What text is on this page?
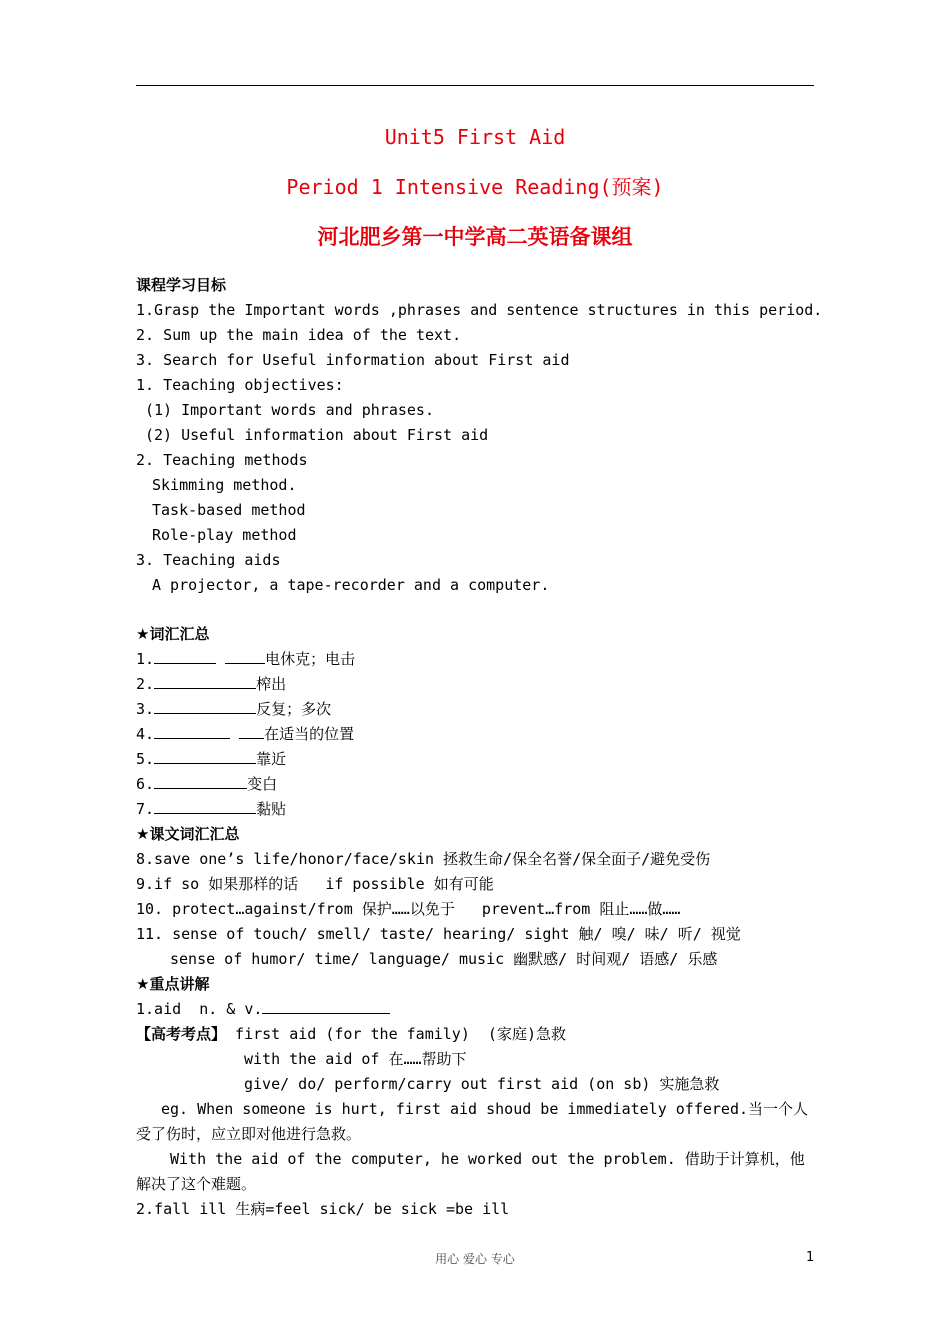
Unit5 First Aid
Period 1 Intensive Reading(预案)
河北肥乡第一中学高二英语备课组
课程学习目标
1.Grasp the Important words ,phrases and sentence structures in this period.
2. Sum up the main idea of the text.
3. Search for Useful information about First aid
1. Teaching objectives:
(1) Important words and phrases.
(2) Useful information about First aid
2. Teaching methods
Skimming method.
Task-based method
Role-play method
3. Teaching aids
A projector, a tape-recorder and a computer.
★词汇汇总
1.	电休克；电击
2.	榨出
3.	反复；多次
4.	在适当的位置
5.	靠近
6.	变白
7.	黏贴
★课文词汇汇总
8.save one’s life/honor/face/skin 拯救生命/保全名誉/保全面子/避免受伤
9.if so 如果那样的话   if possible 如有可能
10. protect…against/from 保护……以免于   prevent…from 阻止……做……
11. sense of touch/ smell/ taste/ hearing/ sight 触/ 嗅/ 味/ 听/ 视觉
sense of humor/ time/ language/ music 幽默感/ 时间观/ 语感/ 乐感
★重点讲解
1.aid  n. & v.
【高考考点】 first aid (for the family)  (家庭)急救
with the aid of 在……帮助下
give/ do/ perform/carry out first aid (on sb) 实施急救
eg. When someone is hurt, first aid shoud be immediately offered.当一个人受了伤时，应立即对他进行急救。
With the aid of the computer, he worked out the problem. 借助于计算机，他解决了这个难题。
2.fall ill 生病=feel sick/ be sick =be ill
用心 爱心 专心	1
